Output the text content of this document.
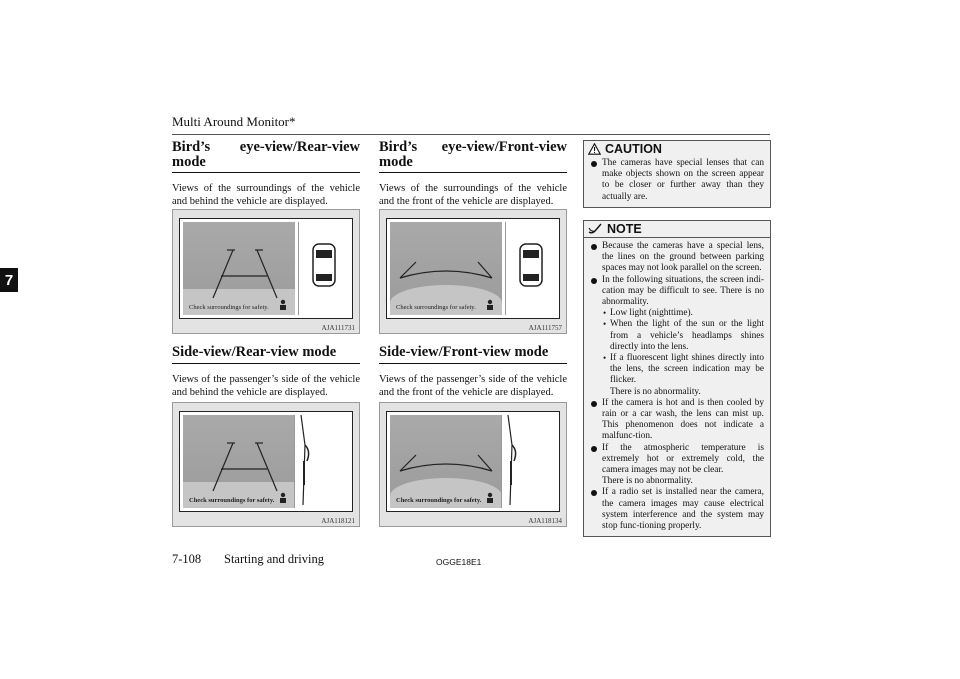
Multi Around Monitor*
7
Bird’s eye-view/Rear-view
mode
Views of the surroundings of the vehicle and behind the vehicle are displayed.
Check surroundings for safety.
AJA111731
Side-view/Rear-view mode
Views of the passenger’s side of the vehicle and behind the vehicle are displayed.
Check surroundings for safety.
AJA118121
Bird’s eye-view/Front-view
mode
Views of the surroundings of the vehicle and the front of the vehicle are displayed.
Check surroundings for safety.
AJA111757
Side-view/Front-view mode
Views of the passenger’s side of the vehicle and the front of the vehicle are displayed.
Check surroundings for safety.
AJA118134
CAUTION
The cameras have special lenses that can make objects shown on the screen appear to be closer or further away than they actually are.
NOTE
Because the cameras have a special lens, the lines on the ground between parking spaces may not look parallel on the screen.
In the following situations, the screen indi-cation may be difficult to see. There is no abnormality.
• Low light (nighttime).
• When the light of the sun or the light from a vehicle’s headlamps shines directly into the lens.
• If a fluorescent light shines directly into the lens, the screen indication may be flicker.
There is no abnormality.
If the camera is hot and is then cooled by rain or a car wash, the lens can mist up. This phenomenon does not indicate a malfunc-tion.
If the atmospheric temperature is extremely hot or extremely cold, the camera images may not be clear.
There is no abnormality.
If a radio set is installed near the camera, the camera images may cause electrical system interference and the system may stop func-tioning properly.
7-108 Starting and driving	OGGE18E1
